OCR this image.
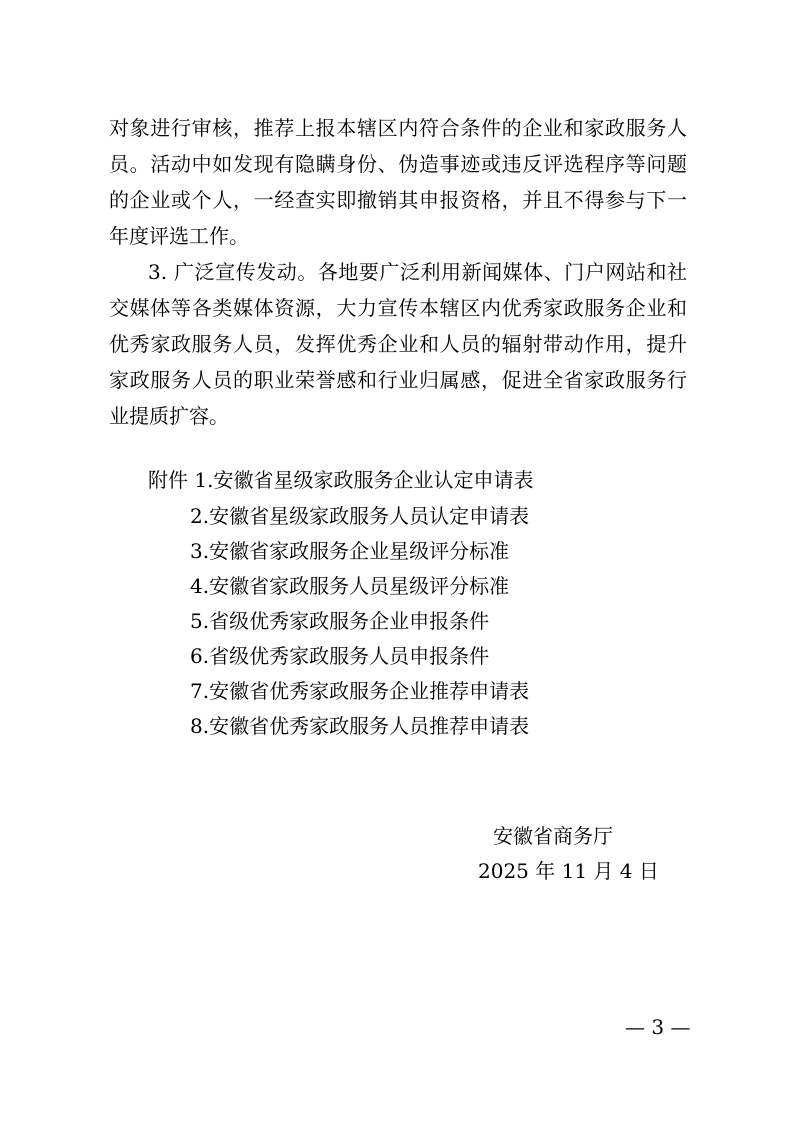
对象进行审核，推荐上报本辖区内符合条件的企业和家政服务人
员。活动中如发现有隐瞒身份、伪造事迹或违反评选程序等问题
的企业或个人，一经查实即撤销其申报资格，并且不得参与下一
年度评选工作。
3. 广泛宣传发动。各地要广泛利用新闻媒体、门户网站和社
交媒体等各类媒体资源，大力宣传本辖区内优秀家政服务企业和
优秀家政服务人员，发挥优秀企业和人员的辐射带动作用，提升
家政服务人员的职业荣誉感和行业归属感，促进全省家政服务行
业提质扩容。
附件 1.安徽省星级家政服务企业认定申请表
2.安徽省星级家政服务人员认定申请表
3.安徽省家政服务企业星级评分标准
4.安徽省家政服务人员星级评分标准
5.省级优秀家政服务企业申报条件
6.省级优秀家政服务人员申报条件
7.安徽省优秀家政服务企业推荐申请表
8.安徽省优秀家政服务人员推荐申请表
安徽省商务厅
2025 年 11 月 4 日
— 3 —
